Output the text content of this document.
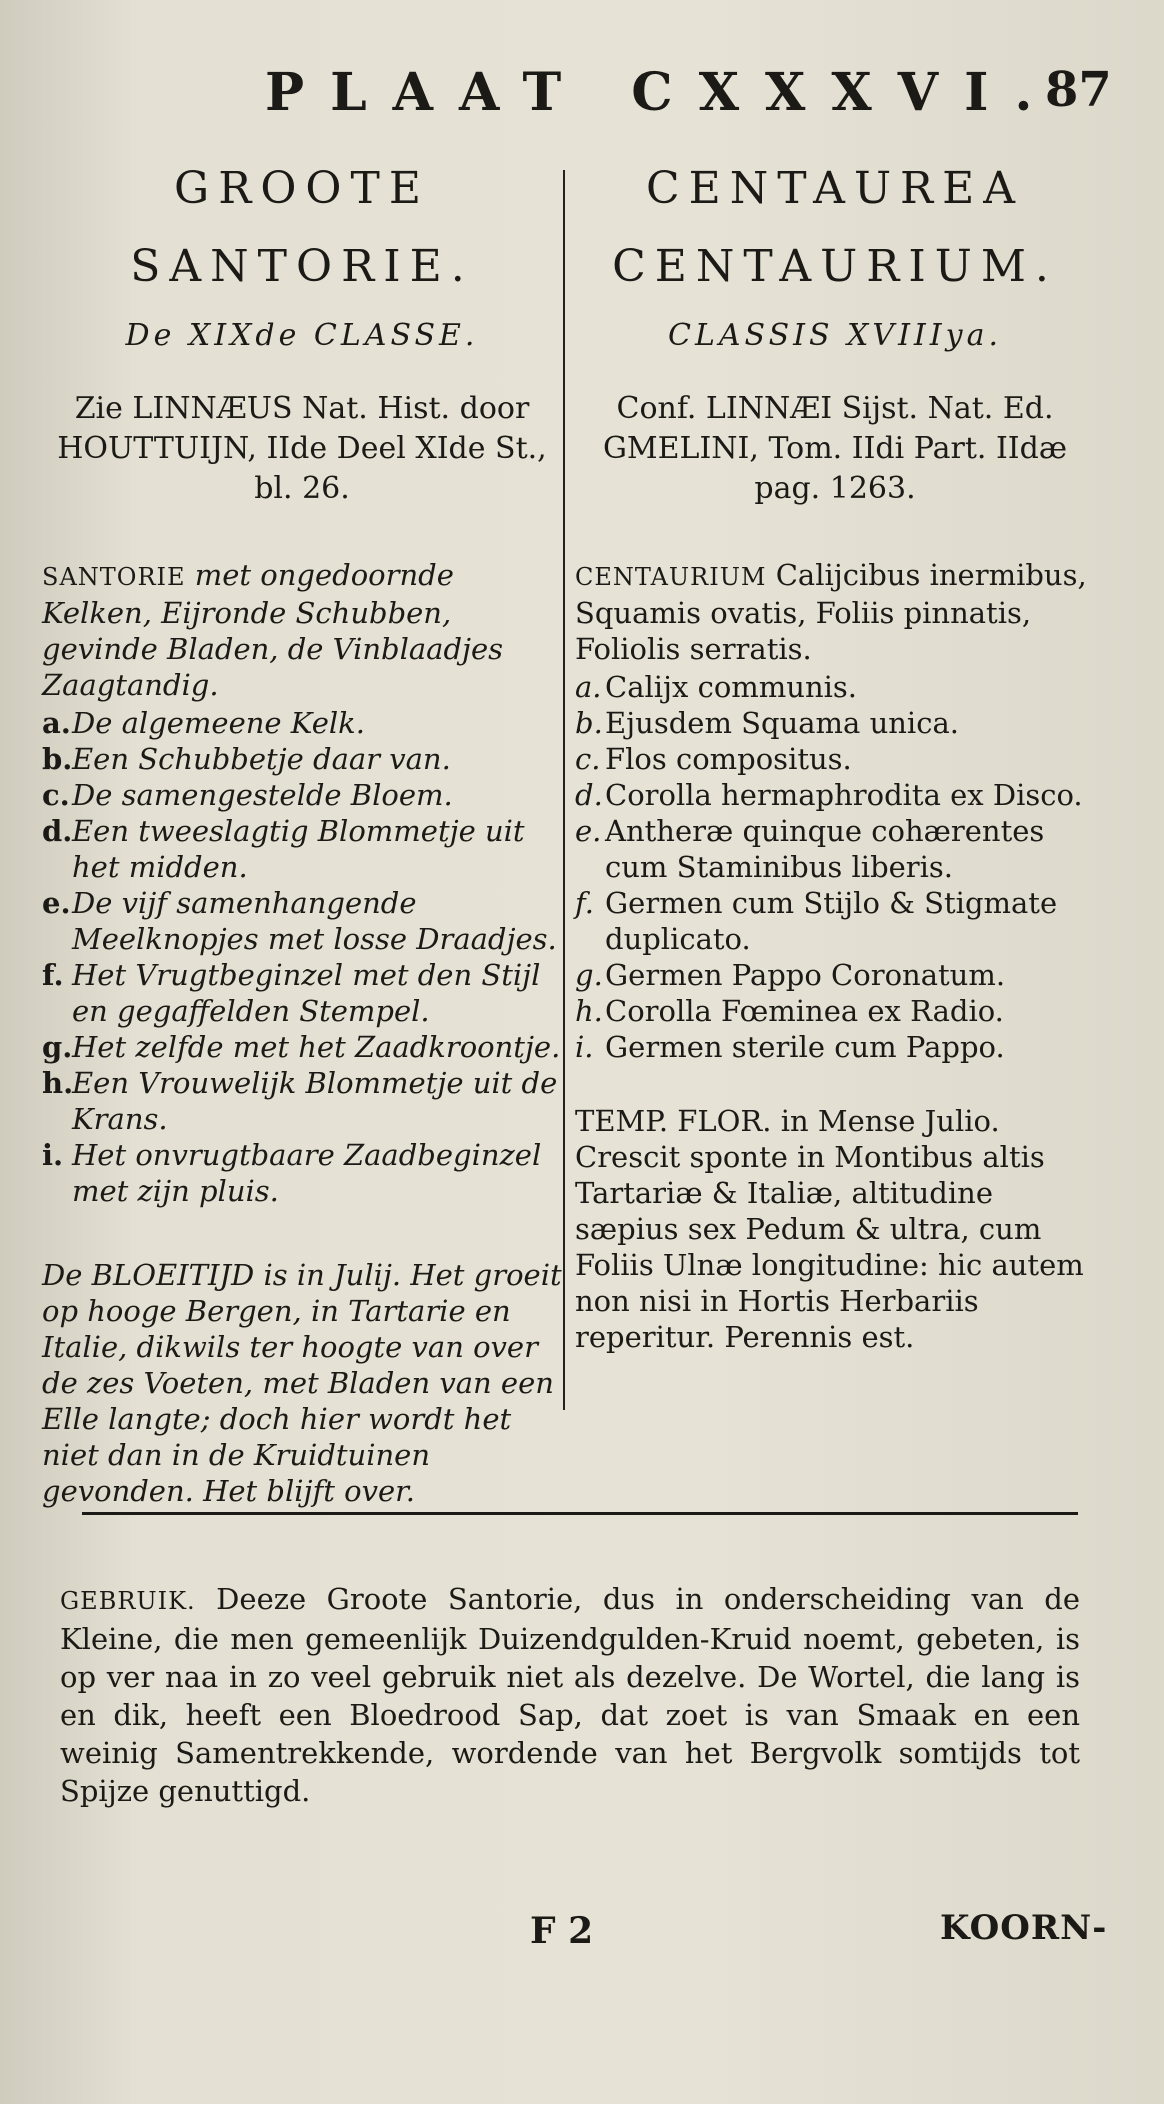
PLAAT CXXXVI.
87
GROOTE
SANTORIE.
De XIXde CLASSE.
Zie LINNÆUS Nat. Hist. door HOUTTUIJN, IIde Deel XIde St., bl. 26.
SANTORIE met ongedoornde Kelken, Eijronde Schubben, gevinde Bladen, de Vinblaadjes Zaagtandig.
a. De algemeene Kelk.
b. Een Schubbetje daar van.
c. De samengestelde Bloem.
d. Een tweeslagtig Blommetje uit het midden.
e. De vijf samenhangende Meelknopjes met losse Draadjes.
f. Het Vrugtbeginzel met den Stijl en gegaffelden Stempel.
g. Het zelfde met het Zaadkroontje.
h.
Een Vrouwelijk Blommetje uit de Krans.
i. Het onvrugtbaare Zaadbeginzel met zijn pluis.
De BLOEITIJD is in Julij. Het groeit op hooge Bergen, in Tartarie en Italie, dikwils ter hoogte van over de zes Voeten, met Bladen van een Elle langte; doch hier wordt het niet dan in de Kruidtuinen gevonden. Het blijft over.
CENTAUREA
CENTAURIUM.
CLASSIS XVIIIya.
Conf. LINNÆI Sijst. Nat. Ed. GMELINI, Tom. IIdi Part. IIdæ pag. 1263.
CENTAURIUM Calijcibus inermibus, Squamis ovatis, Foliis pinnatis, Foliolis serratis.
a. Calijx communis.
b. Ejusdem Squama unica.
c. Flos compositus.
d. Corolla hermaphrodita ex Disco.
e. Antheræ quinque cohærentes cum Staminibus liberis.
f. Germen cum Stijlo & Stigmate duplicato.
g. Germen Pappo Coronatum.
h. Corolla Fœminea ex Radio.
i. Germen sterile cum Pappo.
TEMP. FLOR. in Mense Julio. Crescit sponte in Montibus altis Tartariæ & Italiæ, altitudine sæpius sex Pedum & ultra, cum Foliis Ulnæ longitudine: hic autem non nisi in Hortis Herbariis reperitur. Perennis est.
GEBRUIK. Deeze Groote Santorie, dus in onderscheiding van de Kleine, die men gemeenlijk Duizendgulden-Kruid noemt, gebeten, is op ver naa in zo veel gebruik niet als dezelve. De Wortel, die lang is en dik, heeft een Bloedrood Sap, dat zoet is van Smaak en een weinig Samentrekkende, wordende van het Bergvolk somtijds tot Spijze genuttigd.
F 2	KOORN-
